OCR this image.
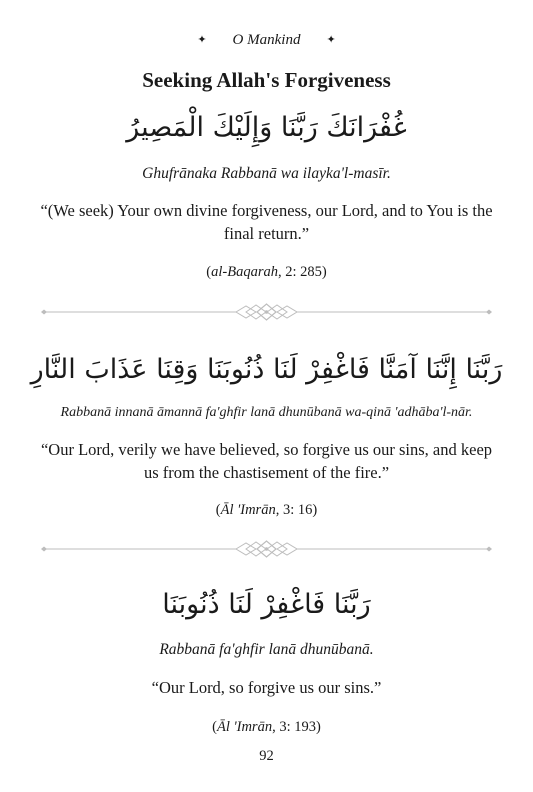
✦ O Mankind ✦
Seeking Allah's Forgiveness
غُفْرَانَكَ رَبَّنَا وَإِلَيْكَ الْمَصِيرُ
Ghufrānaka Rabbanā wa ilayka'l-masīr.
“(We seek) Your own divine forgiveness, our Lord, and to You is the final return.”
(al-Baqarah, 2: 285)
رَبَّنَا إِنَّنَا آمَنَّا فَاغْفِرْ لَنَا ذُنُوبَنَا وَقِنَا عَذَابَ النَّارِ
Rabbanā innanā āmannā fa'ghfir lanā dhunūbanā wa-qinā 'adhāba'l-nār.
“Our Lord, verily we have believed, so forgive us our sins, and keep us from the chastisement of the fire.”
(Āl 'Imrān, 3: 16)
رَبَّنَا فَاغْفِرْ لَنَا ذُنُوبَنَا
Rabbanā fa'ghfir lanā dhunūbanā.
“Our Lord, so forgive us our sins.”
(Āl 'Imrān, 3: 193)
92
